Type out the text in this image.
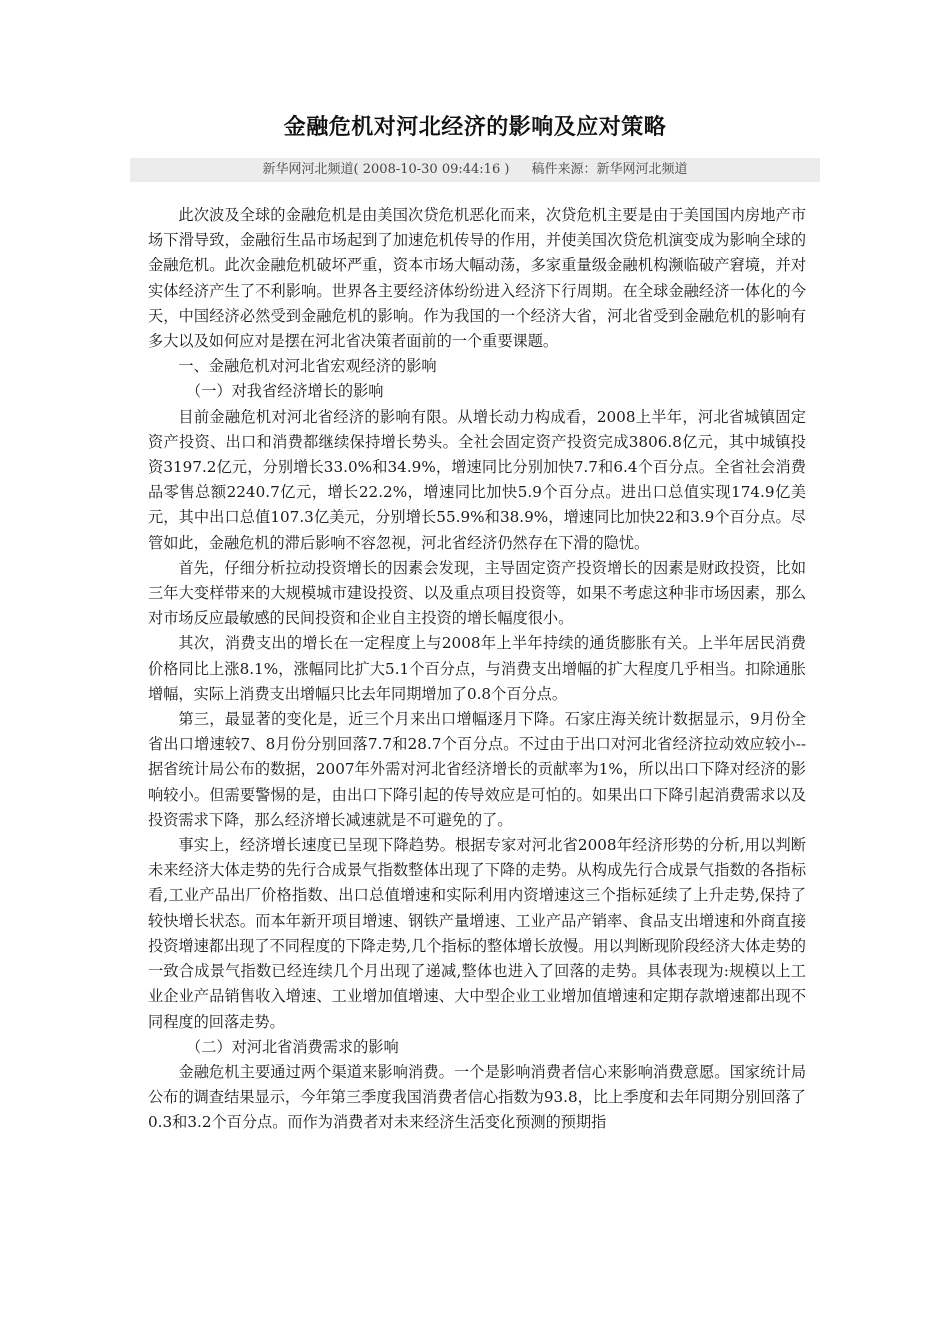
金融危机对河北经济的影响及应对策略
新华网河北频道( 2008-10-30 09:44:16 ) 稿件来源：新华网河北频道

此次波及全球的金融危机是由美国次贷危机恶化而来，次贷危机主要是由于美国国内房地产市场下滑导致，金融衍生品市场起到了加速危机传导的作用，并使美国次贷危机演变成为影响全球的金融危机。此次金融危机破坏严重，资本市场大幅动荡，多家重量级金融机构濒临破产窘境，并对实体经济产生了不利影响。世界各主要经济体纷纷进入经济下行周期。在全球金融经济一体化的今天，中国经济必然受到金融危机的影响。作为我国的一个经济大省，河北省受到金融危机的影响有多大以及如何应对是摆在河北省决策者面前的一个重要课题。

一、金融危机对河北省宏观经济的影响

（一）对我省经济增长的影响

目前金融危机对河北省经济的影响有限。从增长动力构成看，2008上半年，河北省城镇固定资产投资、出口和消费都继续保持增长势头。全社会固定资产投资完成3806.8亿元，其中城镇投资3197.2亿元，分别增长33.0%和34.9%，增速同比分别加快7.7和6.4个百分点。全省社会消费品零售总额2240.7亿元，增长22.2%，增速同比加快5.9个百分点。进出口总值实现174.9亿美元，其中出口总值107.3亿美元，分别增长55.9%和38.9%，增速同比加快22和3.9个百分点。尽管如此，金融危机的滞后影响不容忽视，河北省经济仍然存在下滑的隐忧。

首先，仔细分析拉动投资增长的因素会发现，主导固定资产投资增长的因素是财政投资，比如三年大变样带来的大规模城市建设投资、以及重点项目投资等，如果不考虑这种非市场因素，那么对市场反应最敏感的民间投资和企业自主投资的增长幅度很小。

其次，消费支出的增长在一定程度上与2008年上半年持续的通货膨胀有关。上半年居民消费价格同比上涨8.1%，涨幅同比扩大5.1个百分点，与消费支出增幅的扩大程度几乎相当。扣除通胀增幅，实际上消费支出增幅只比去年同期增加了0.8个百分点。

第三，最显著的变化是，近三个月来出口增幅逐月下降。石家庄海关统计数据显示，9月份全省出口增速较7、8月份分别回落7.7和28.7个百分点。不过由于出口对河北省经济拉动效应较小--据省统计局公布的数据，2007年外需对河北省经济增长的贡献率为1%，所以出口下降对经济的影响较小。但需要警惕的是，由出口下降引起的传导效应是可怕的。如果出口下降引起消费需求以及投资需求下降，那么经济增长减速就是不可避免的了。

事实上，经济增长速度已呈现下降趋势。根据专家对河北省2008年经济形势的分析,用以判断未来经济大体走势的先行合成景气指数整体出现了下降的走势。从构成先行合成景气指数的各指标看,工业产品出厂价格指数、出口总值增速和实际利用内资增速这三个指标延续了上升走势,保持了较快增长状态。而本年新开项目增速、钢铁产量增速、工业产品产销率、食品支出增速和外商直接投资增速都出现了不同程度的下降走势,几个指标的整体增长放慢。用以判断现阶段经济大体走势的一致合成景气指数已经连续几个月出现了递减,整体也进入了回落的走势。具体表现为:规模以上工业企业产品销售收入增速、工业增加值增速、大中型企业工业增加值增速和定期存款增速都出现不同程度的回落走势。

（二）对河北省消费需求的影响

金融危机主要通过两个渠道来影响消费。一个是影响消费者信心来影响消费意愿。国家统计局公布的调查结果显示，今年第三季度我国消费者信心指数为93.8，比上季度和去年同期分别回落了0.3和3.2个百分点。而作为消费者对未来经济生活变化预测的预期指
